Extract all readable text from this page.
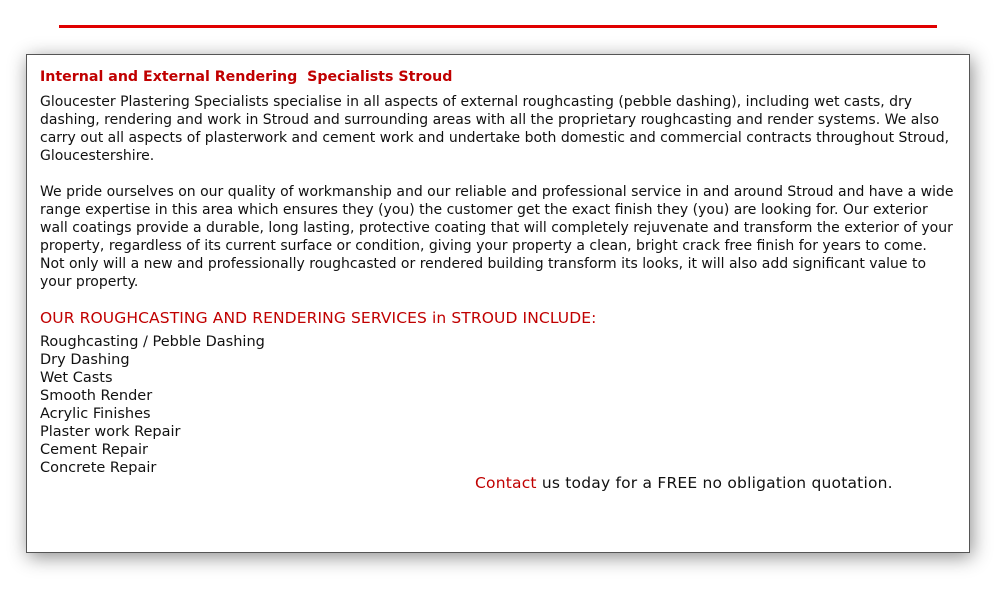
Internal and External Rendering  Specialists Stroud

Gloucester Plastering Specialists specialise in all aspects of external roughcasting (pebble dashing), including wet casts, dry dashing, rendering and work in Stroud and surrounding areas with all the proprietary roughcasting and render systems. We also carry out all aspects of plasterwork and cement work and undertake both domestic and commercial contracts throughout Stroud, Gloucestershire.

We pride ourselves on our quality of workmanship and our reliable and professional service in and around Stroud and have a wide range expertise in this area which ensures they (you) the customer get the exact finish they (you) are looking for. Our exterior wall coatings provide a durable, long lasting, protective coating that will completely rejuvenate and transform the exterior of your property, regardless of its current surface or condition, giving your property a clean, bright crack free finish for years to come. Not only will a new and professionally roughcasted or rendered building transform its looks, it will also add significant value to your property.

OUR ROUGHCASTING AND RENDERING SERVICES in STROUD INCLUDE:
Roughcasting / Pebble Dashing
Dry Dashing
Wet Casts
Smooth Render
Acrylic Finishes
Plaster work Repair
Cement Repair
Concrete Repair
Contact us today for a FREE no obligation quotation.
